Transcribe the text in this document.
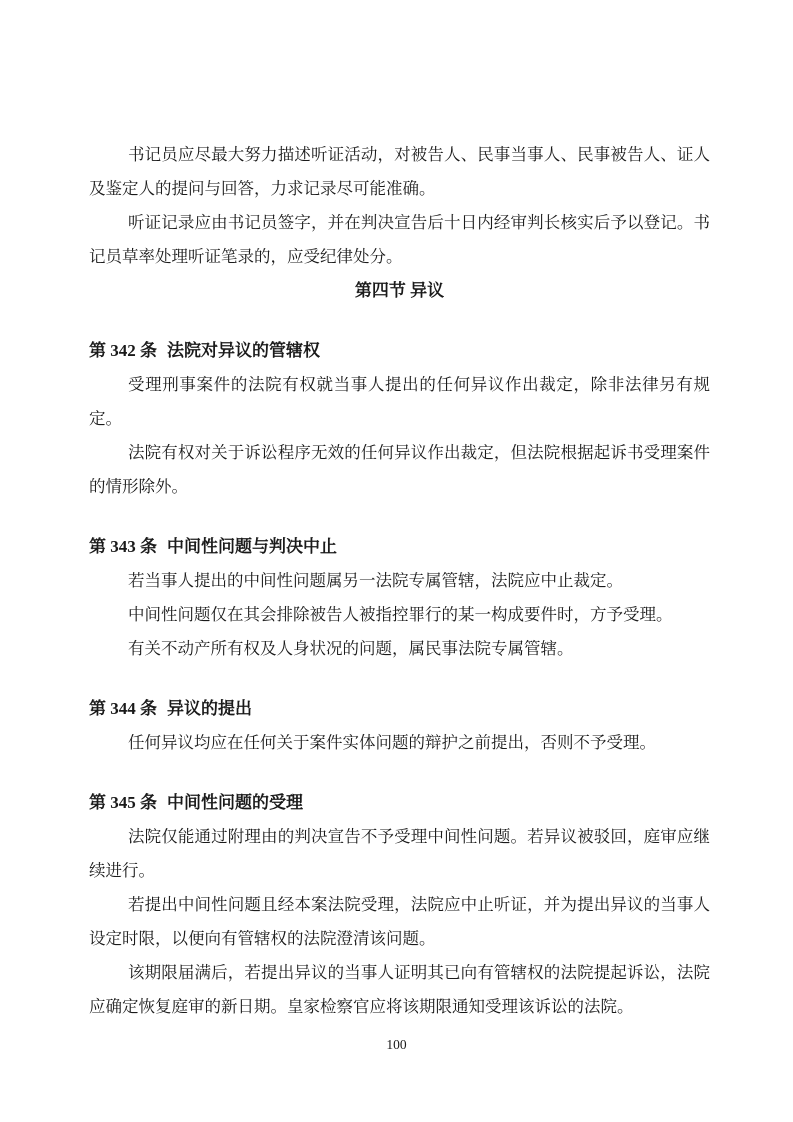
书记员应尽最大努力描述听证活动，对被告人、民事当事人、民事被告人、证人及鉴定人的提问与回答，力求记录尽可能准确。

听证记录应由书记员签字，并在判决宣告后十日内经审判长核实后予以登记。书记员草率处理听证笔录的，应受纪律处分。

第四节 异议
第 342 条 法院对异议的管辖权

受理刑事案件的法院有权就当事人提出的任何异议作出裁定，除非法律另有规定。

法院有权对关于诉讼程序无效的任何异议作出裁定，但法院根据起诉书受理案件的情形除外。

第 343 条 中间性问题与判决中止

若当事人提出的中间性问题属另一法院专属管辖，法院应中止裁定。

中间性问题仅在其会排除被告人被指控罪行的某一构成要件时，方予受理。

有关不动产所有权及人身状况的问题，属民事法院专属管辖。

第 344 条 异议的提出

任何异议均应在任何关于案件实体问题的辩护之前提出，否则不予受理。

第 345 条 中间性问题的受理

法院仅能通过附理由的判决宣告不予受理中间性问题。若异议被驳回，庭审应继续进行。

若提出中间性问题且经本案法院受理，法院应中止听证，并为提出异议的当事人设定时限，以便向有管辖权的法院澄清该问题。

该期限届满后，若提出异议的当事人证明其已向有管辖权的法院提起诉讼，法院应确定恢复庭审的新日期。皇家检察官应将该期限通知受理该诉讼的法院。

100
